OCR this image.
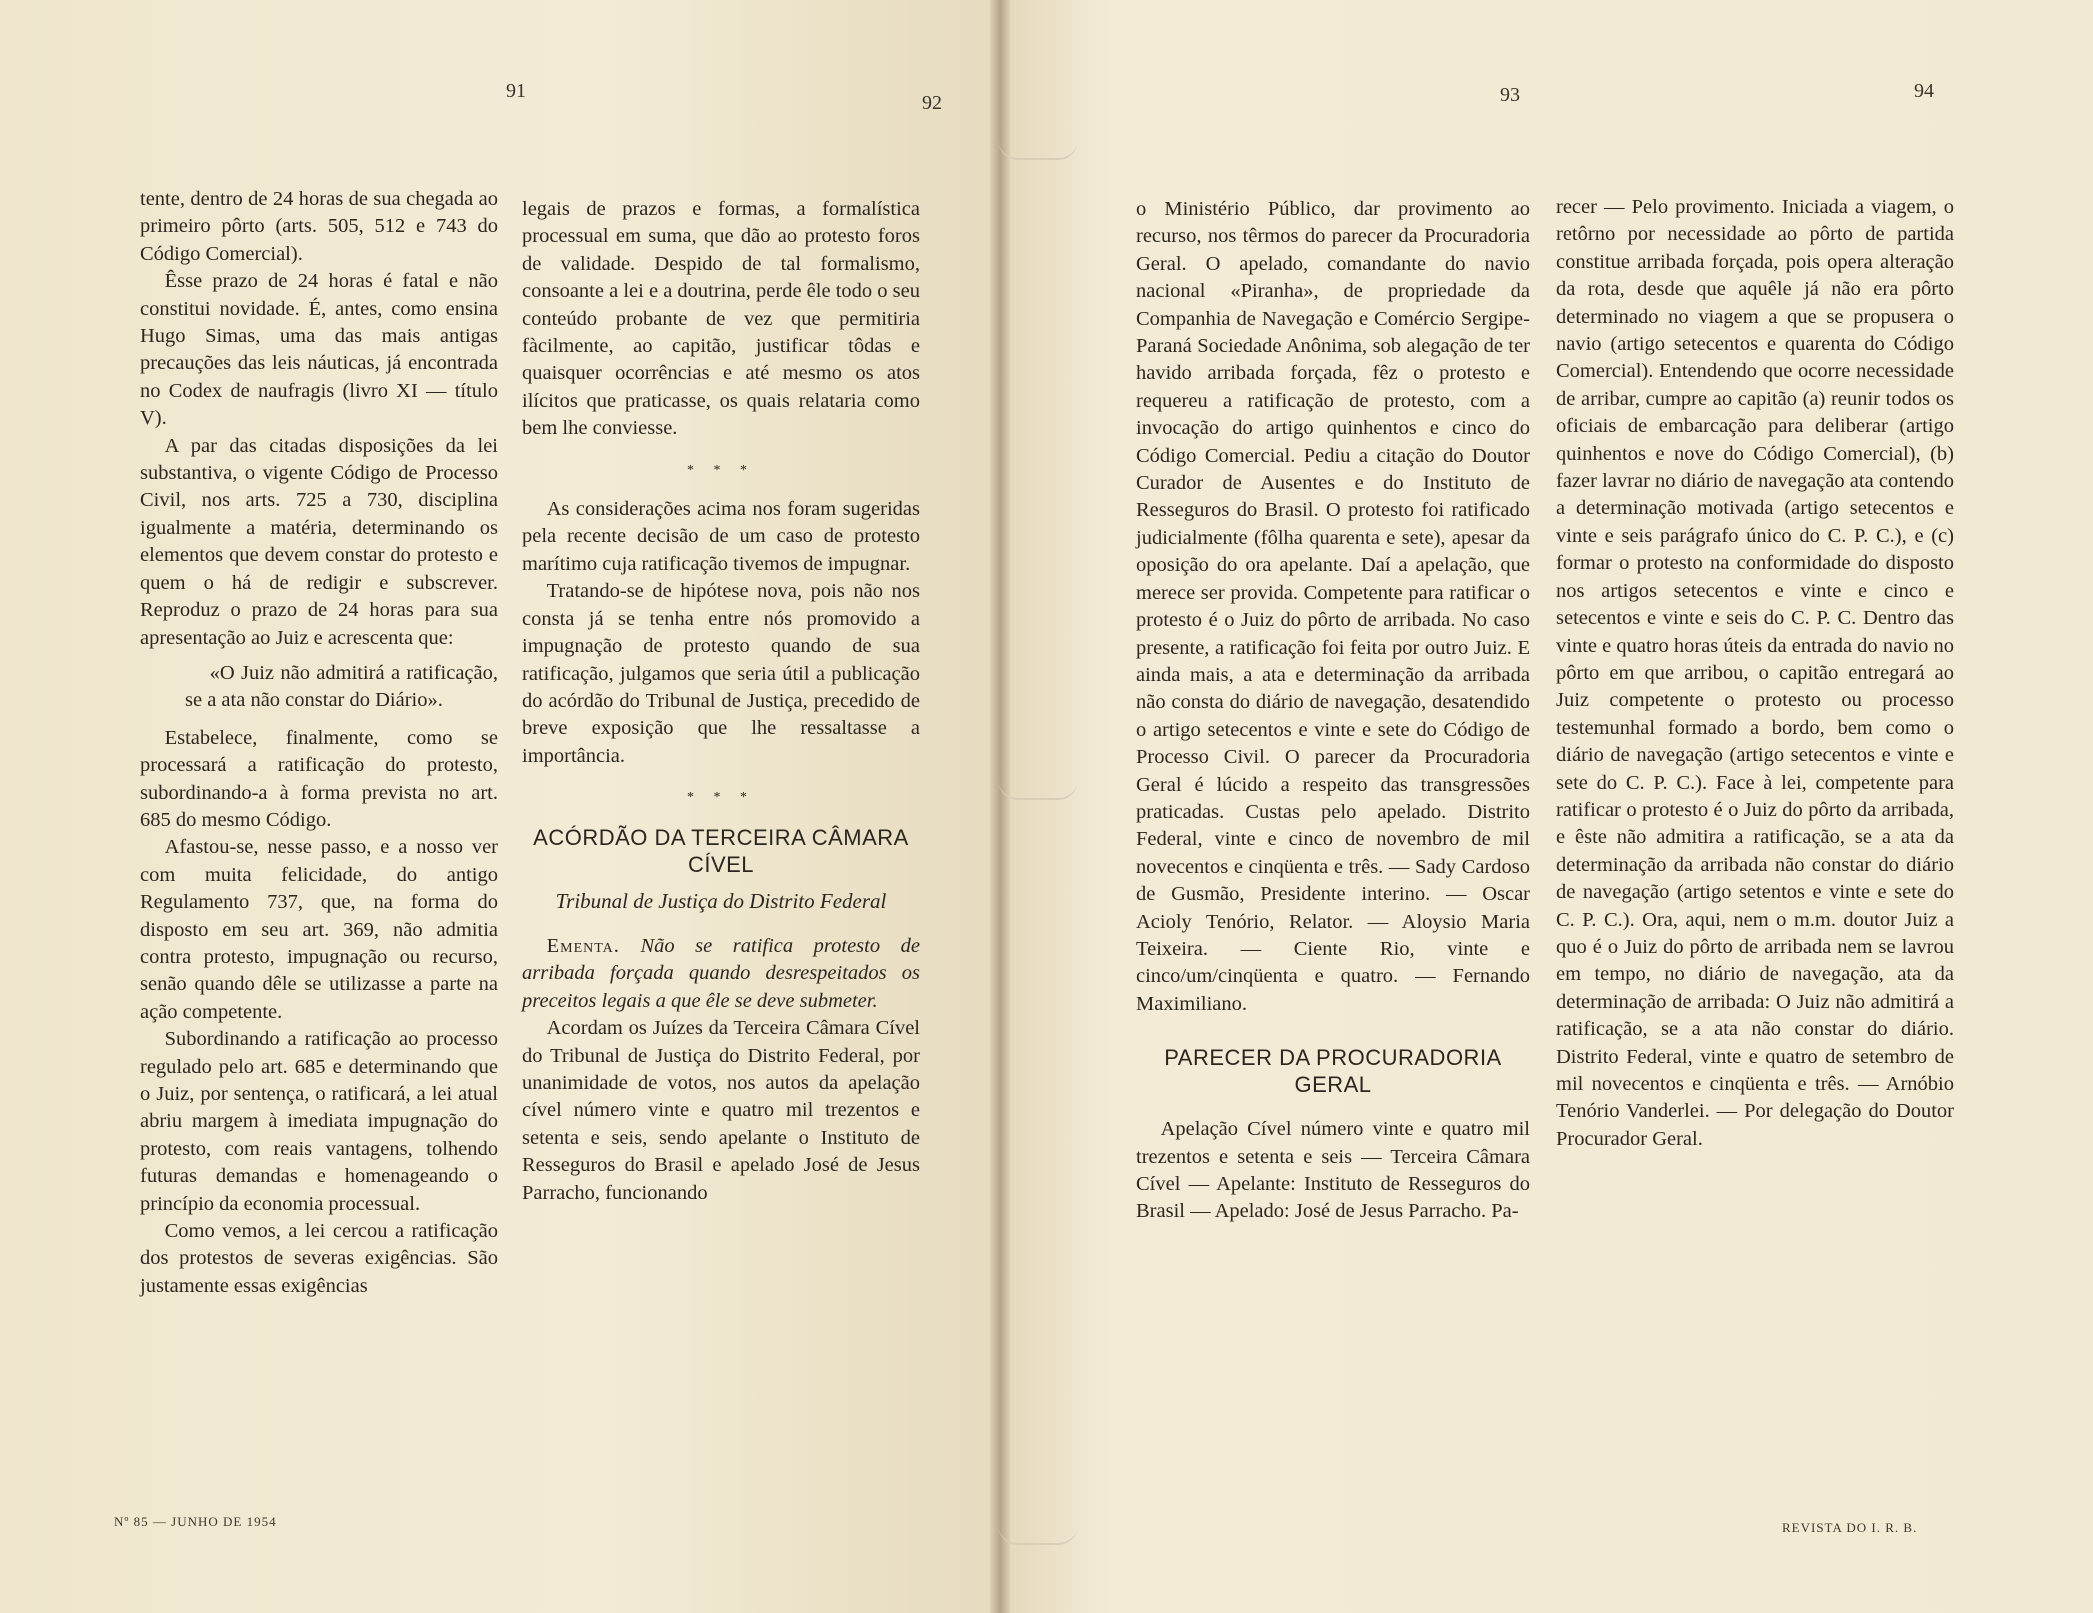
91
92	93	94

tente, dentro de 24 horas de sua chegada ao primeiro pôrto (arts. 505, 512 e 743 do Código Comercial).

Êsse prazo de 24 horas é fatal e não constitui novidade. É, antes, como ensina Hugo Simas, uma das mais antigas precauções das leis náuticas, já encontrada no Codex de naufragis (livro XI — título V).

A par das citadas disposições da lei substantiva, o vigente Código de Processo Civil, nos arts. 725 a 730, disciplina igualmente a matéria, determinando os elementos que devem constar do protesto e quem o há de redigir e subscrever. Reproduz o prazo de 24 horas para sua apresentação ao Juiz e acrescenta que:

«O Juiz não admitirá a ratificação, se a ata não constar do Diário».

Estabelece, finalmente, como se processará a ratificação do protesto, subordinando-a à forma prevista no art. 685 do mesmo Código.

Afastou-se, nesse passo, e a nosso ver com muita felicidade, do antigo Regulamento 737, que, na forma do disposto em seu art. 369, não admitia contra protesto, impugnação ou recurso, senão quando dêle se utilizasse a parte na ação competente.

Subordinando a ratificação ao processo regulado pelo art. 685 e determinando que o Juiz, por sentença, o ratificará, a lei atual abriu margem à imediata impugnação do protesto, com reais vantagens, tolhendo futuras demandas e homenageando o princípio da economia processual.

Como vemos, a lei cercou a ratificação dos protestos de severas exigências. São justamente essas exigências

legais de prazos e formas, a formalística processual em suma, que dão ao protesto foros de validade. Despido de tal formalismo, consoante a lei e a doutrina, perde êle todo o seu conteúdo probante de vez que permitiria fàcilmente, ao capitão, justificar tôdas e quaisquer ocorrências e até mesmo os atos ilícitos que praticasse, os quais relataria como bem lhe conviesse.

* * *

As considerações acima nos foram sugeridas pela recente decisão de um caso de protesto marítimo cuja ratificação tivemos de impugnar.

Tratando-se de hipótese nova, pois não nos consta já se tenha entre nós promovido a impugnação de protesto quando de sua ratificação, julgamos que seria útil a publicação do acórdão do Tribunal de Justiça, precedido de breve exposição que lhe ressaltasse a importância.

* * *
ACÓRDÃO DA TERCEIRA CÂMARA CÍVEL
Tribunal de Justiça do Distrito Federal

Ementa. Não se ratifica protesto de arribada forçada quando desrespeitados os preceitos legais a que êle se deve submeter.

Acordam os Juízes da Terceira Câmara Cível do Tribunal de Justiça do Distrito Federal, por unanimidade de votos, nos autos da apelação cível número vinte e quatro mil trezentos e setenta e seis, sendo apelante o Instituto de Resseguros do Brasil e apelado José de Jesus Parracho, funcionando

o Ministério Público, dar provimento ao recurso, nos têrmos do parecer da Procuradoria Geral. O apelado, comandante do navio nacional «Piranha», de propriedade da Companhia de Navegação e Comércio Sergipe-Paraná Sociedade Anônima, sob alegação de ter havido arribada forçada, fêz o protesto e requereu a ratificação de protesto, com a invocação do artigo quinhentos e cinco do Código Comercial. Pediu a citação do Doutor Curador de Ausentes e do Instituto de Resseguros do Brasil. O protesto foi ratificado judicialmente (fôlha quarenta e sete), apesar da oposição do ora apelante. Daí a apelação, que merece ser provida. Competente para ratificar o protesto é o Juiz do pôrto de arribada. No caso presente, a ratificação foi feita por outro Juiz. E ainda mais, a ata e determinação da arribada não consta do diário de navegação, desatendido o artigo setecentos e vinte e sete do Código de Processo Civil. O parecer da Procuradoria Geral é lúcido a respeito das transgressões praticadas. Custas pelo apelado. Distrito Federal, vinte e cinco de novembro de mil novecentos e cinqüenta e três. — Sady Cardoso de Gusmão, Presidente interino. — Oscar Acioly Tenório, Relator. — Aloysio Maria Teixeira. — Ciente Rio, vinte e cinco/um/cinqüenta e quatro. — Fernando Maximiliano.

PARECER DA PROCURADORIA GERAL

Apelação Cível número vinte e quatro mil trezentos e setenta e seis — Terceira Câmara Cível — Apelante: Instituto de Resseguros do Brasil — Apelado: José de Jesus Parracho. Pa-

recer — Pelo provimento. Iniciada a viagem, o retôrno por necessidade ao pôrto de partida constitue arribada forçada, pois opera alteração da rota, desde que aquêle já não era pôrto determinado no viagem a que se propusera o navio (artigo setecentos e quarenta do Código Comercial). Entendendo que ocorre necessidade de arribar, cumpre ao capitão (a) reunir todos os oficiais de embarcação para deliberar (artigo quinhentos e nove do Código Comercial), (b) fazer lavrar no diário de navegação ata contendo a determinação motivada (artigo setecentos e vinte e seis parágrafo único do C. P. C.), e (c) formar o protesto na conformidade do disposto nos artigos setecentos e vinte e cinco e setecentos e vinte e seis do C. P. C. Dentro das vinte e quatro horas úteis da entrada do navio no pôrto em que arribou, o capitão entregará ao Juiz competente o protesto ou processo testemunhal formado a bordo, bem como o diário de navegação (artigo setecentos e vinte e sete do C. P. C.). Face à lei, competente para ratificar o protesto é o Juiz do pôrto da arribada, e êste não admitira a ratificação, se a ata da determinação da arribada não constar do diário de navegação (artigo setentos e vinte e sete do C. P. C.). Ora, aqui, nem o m.m. doutor Juiz a quo é o Juiz do pôrto de arribada nem se lavrou em tempo, no diário de navegação, ata da determinação de arribada: O Juiz não admitirá a ratificação, se a ata não constar do diário. Distrito Federal, vinte e quatro de setembro de mil novecentos e cinqüenta e três. — Arnóbio Tenório Vanderlei. — Por delegação do Doutor Procurador Geral.

Nº 85 — JUNHO DE 1954	REVISTA DO I. R. B.
